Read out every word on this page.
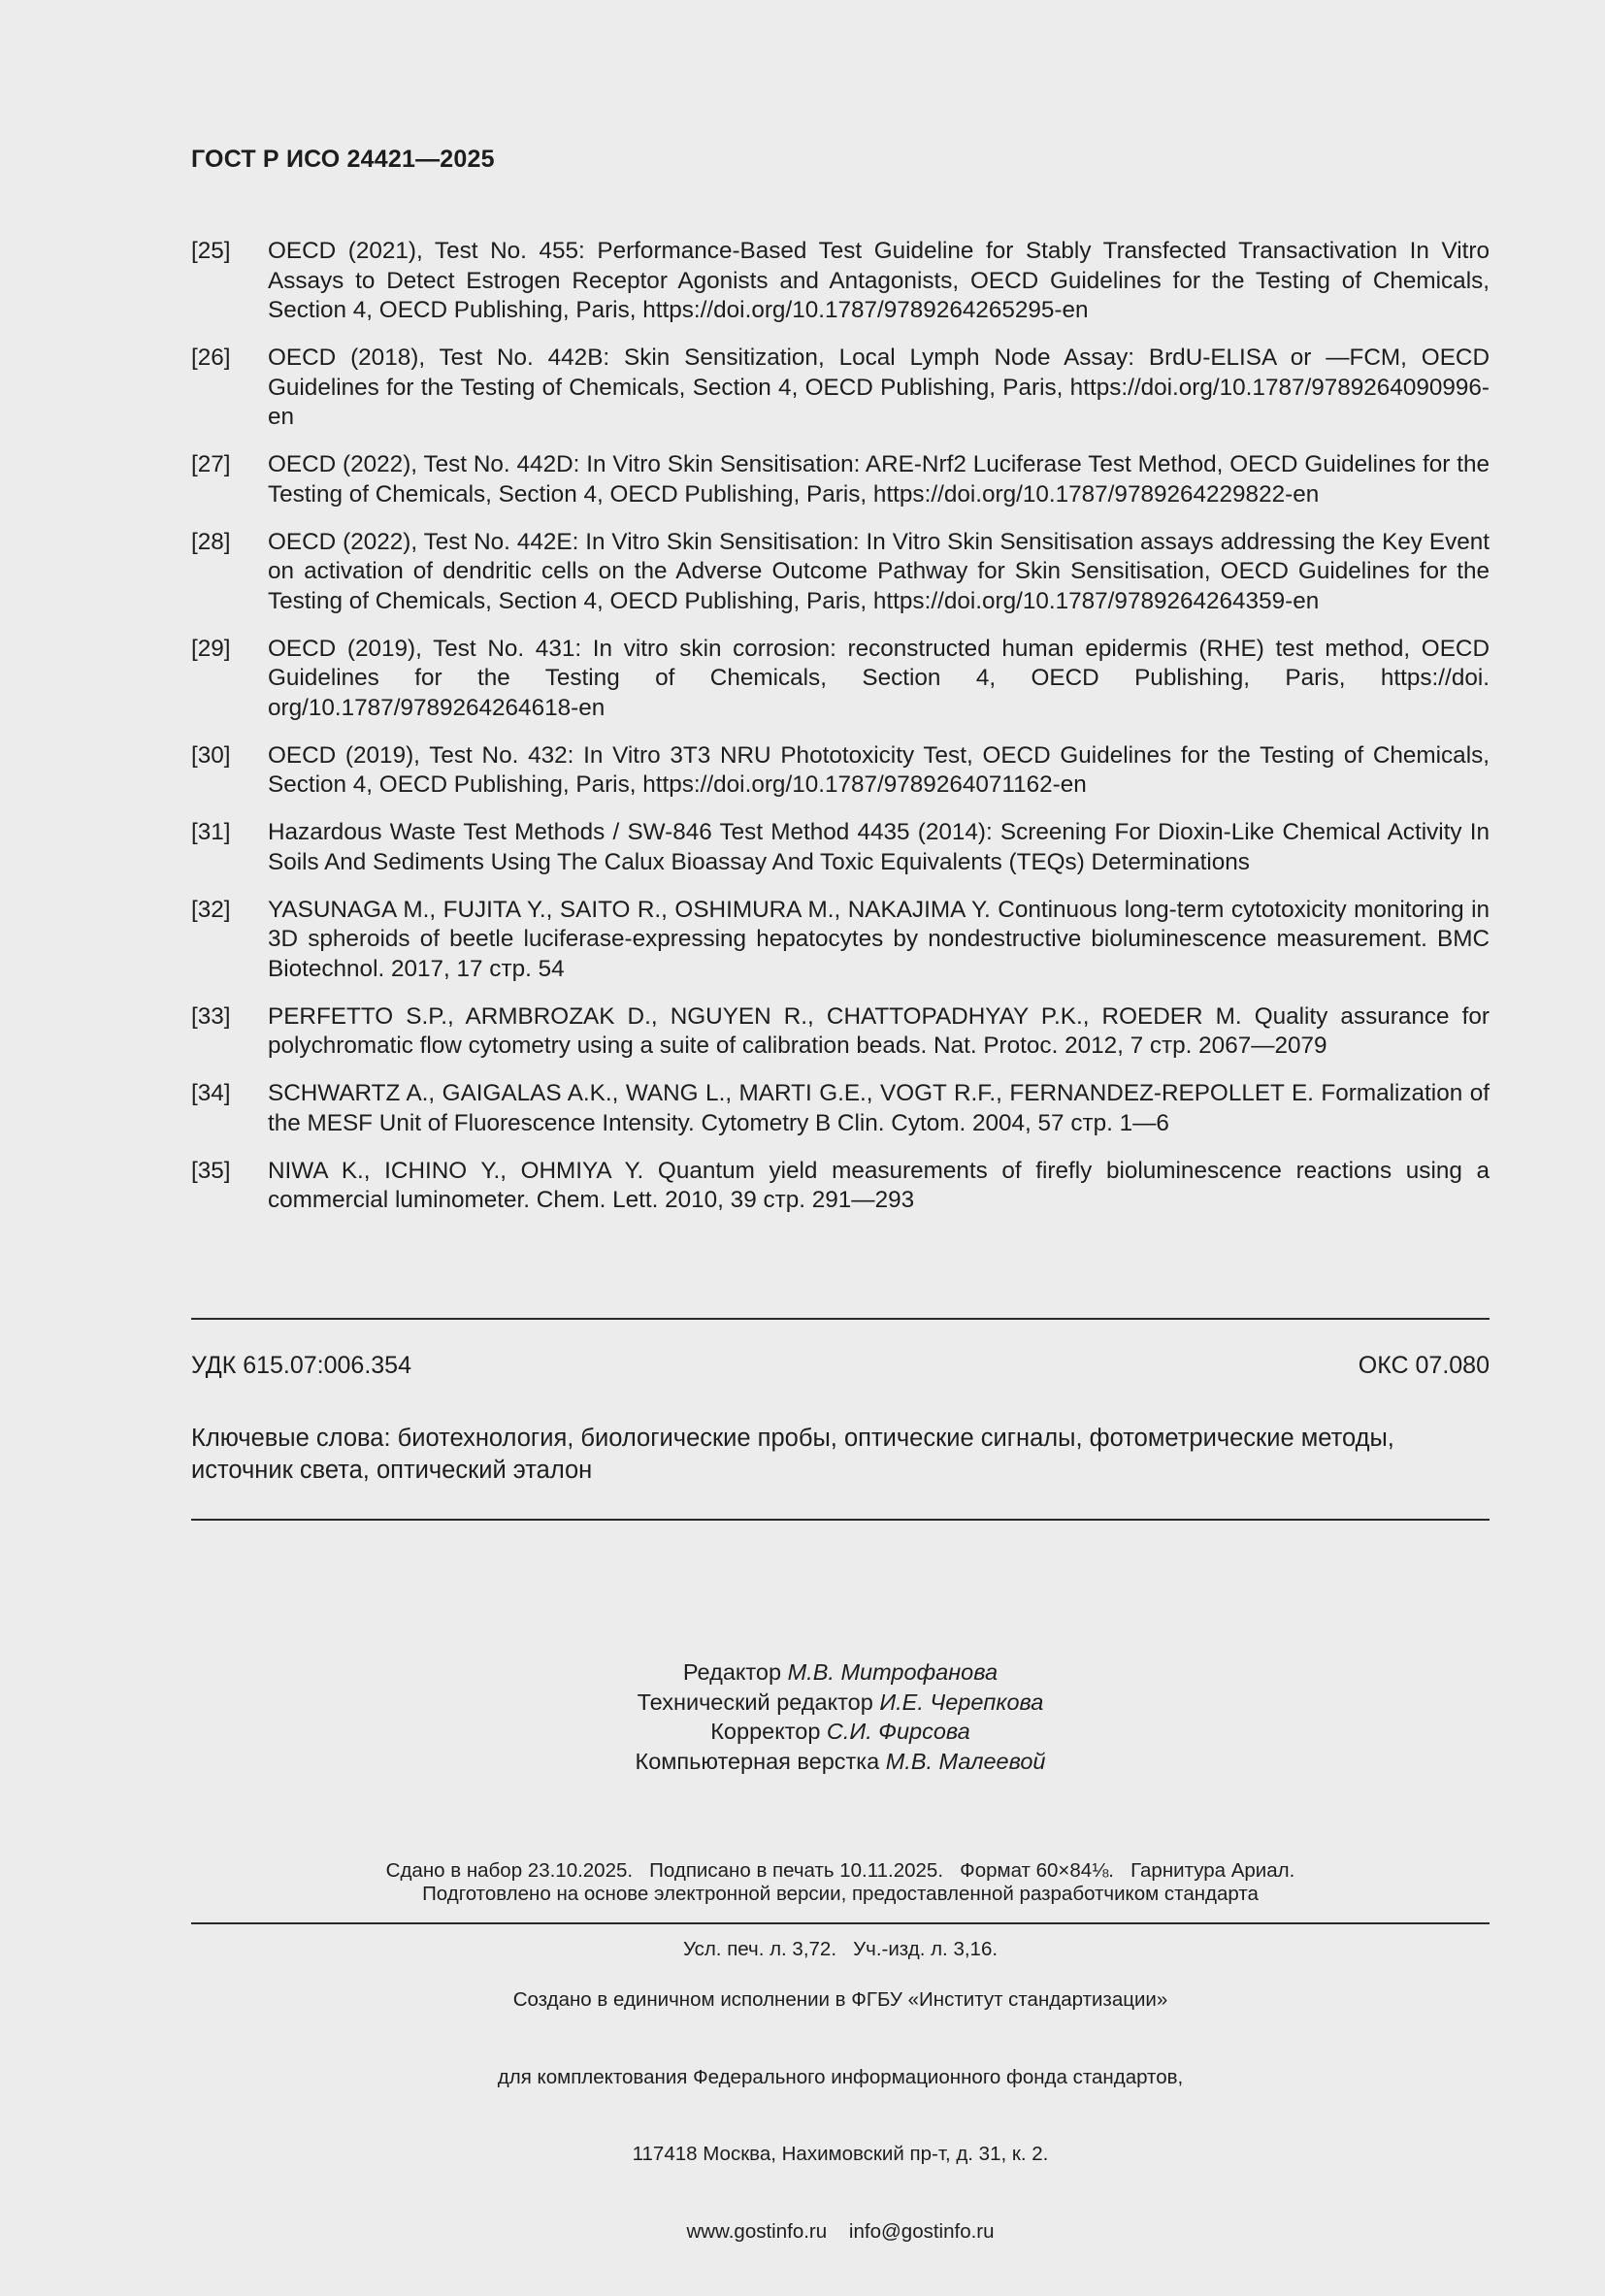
ГОСТ Р ИСО 24421—2025
[25]	OECD (2021), Test No. 455: Performance-Based Test Guideline for Stably Transfected Transactivation In Vitro Assays to Detect Estrogen Receptor Agonists and Antagonists, OECD Guidelines for the Testing of Chemicals, Section 4, OECD Publishing, Paris, https://doi.org/10.1787/9789264265295-en
[26]	OECD (2018), Test No. 442B: Skin Sensitization, Local Lymph Node Assay: BrdU-ELISA or —FCM, OECD Guidelines for the Testing of Chemicals, Section 4, OECD Publishing, Paris, https://doi.org/10.1787/9789264090996-en
[27]	OECD (2022), Test No. 442D: In Vitro Skin Sensitisation: ARE-Nrf2 Luciferase Test Method, OECD Guidelines for the Testing of Chemicals, Section 4, OECD Publishing, Paris, https://doi.org/10.1787/9789264229822-en
[28]	OECD (2022), Test No. 442E: In Vitro Skin Sensitisation: In Vitro Skin Sensitisation assays addressing the Key Event on activation of dendritic cells on the Adverse Outcome Pathway for Skin Sensitisation, OECD Guidelines for the Testing of Chemicals, Section 4, OECD Publishing, Paris, https://doi.org/10.1787/9789264264359-en
[29]	OECD (2019), Test No. 431: In vitro skin corrosion: reconstructed human epidermis (RHE) test method, OECD Guidelines for the Testing of Chemicals, Section 4, OECD Publishing, Paris, https://doi. org/10.1787/9789264264618-en
[30]	OECD (2019), Test No. 432: In Vitro 3T3 NRU Phototoxicity Test, OECD Guidelines for the Testing of Chemicals, Section 4, OECD Publishing, Paris, https://doi.org/10.1787/9789264071162-en
[31]	Hazardous Waste Test Methods / SW-846 Test Method 4435 (2014): Screening For Dioxin-Like Chemical Activity In Soils And Sediments Using The Calux Bioassay And Toxic Equivalents (TEQs) Determinations
[32]	YASUNAGA M., FUJITA Y., SAITO R., OSHIMURA M., NAKAJIMA Y. Continuous long-term cytotoxicity monitoring in 3D spheroids of beetle luciferase-expressing hepatocytes by nondestructive bioluminescence measurement. BMC Biotechnol. 2017, 17 стр. 54
[33]	PERFETTO S.P., ARMBROZAK D., NGUYEN R., CHATTOPADHYAY P.K., ROEDER M. Quality assurance for polychromatic flow cytometry using a suite of calibration beads. Nat. Protoc. 2012, 7 стр. 2067—2079
[34]	SCHWARTZ A., GAIGALAS A.K., WANG L., MARTI G.E., VOGT R.F., FERNANDEZ-REPOLLET E. Formalization of the MESF Unit of Fluorescence Intensity. Cytometry B Clin. Cytom. 2004, 57 стр. 1—6
[35]	NIWA K., ICHINO Y., OHMIYA Y. Quantum yield measurements of firefly bioluminescence reactions using a commercial luminometer. Chem. Lett. 2010, 39 стр. 291—293
УДК 615.07:006.354	ОКС 07.080
Ключевые слова: биотехнология, биологические пробы, оптические сигналы, фотометрические методы, источник света, оптический эталон
Редактор М.В. Митрофанова
Технический редактор И.Е. Черепкова
Корректор С.И. Фирсова
Компьютерная верстка М.В. Малеевой

Сдано в набор 23.10.2025.   Подписано в печать 10.11.2025.   Формат 60×84⅛.   Гарнитура Ариал.

Усл. печ. л. 3,72.   Уч.-изд. л. 3,16.

Подготовлено на основе электронной версии, предоставленной разработчиком стандарта

Создано в единичном исполнении в ФГБУ «Институт стандартизации»

для комплектования Федерального информационного фонда стандартов,

117418 Москва, Нахимовский пр-т, д. 31, к. 2.

www.gostinfo.ru    info@gostinfo.ru
